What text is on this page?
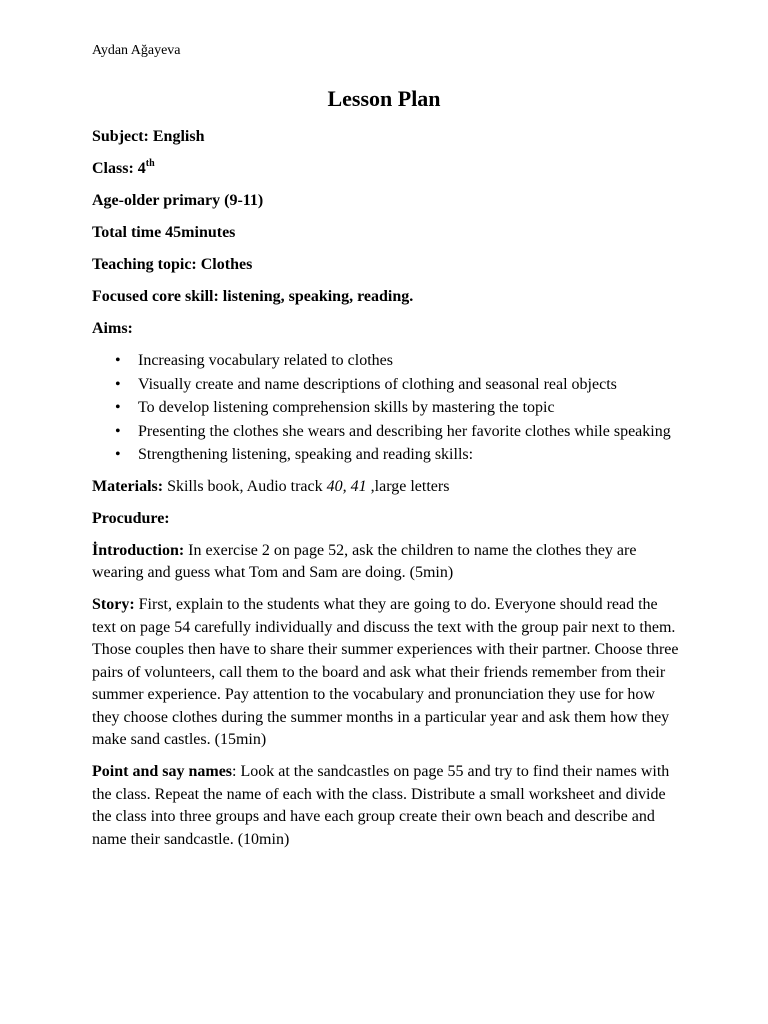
Aydan Ağayeva
Lesson Plan

Subject: English

Class: 4th

Age-older primary (9-11)

Total time 45minutes

Teaching topic: Clothes

Focused core skill: listening, speaking, reading.

Aims:

• Increasing vocabulary related to clothes
• Visually create and name descriptions of clothing and seasonal real objects
• To develop listening comprehension skills by mastering the topic
• Presenting the clothes she wears and describing her favorite clothes while speaking
• Strengthening listening, speaking and reading skills:

Materials: Skills book, Audio track 40, 41 ,large letters

Procudure:

İntroduction: In exercise 2 on page 52, ask the children to name the clothes they are wearing and guess what Tom and Sam are doing. (5min)

Story: First, explain to the students what they are going to do. Everyone should read the text on page 54 carefully individually and discuss the text with the group pair next to them. Those couples then have to share their summer experiences with their partner. Choose three pairs of volunteers, call them to the board and ask what their friends remember from their summer experience. Pay attention to the vocabulary and pronunciation they use for how they choose clothes during the summer months in a particular year and ask them how they make sand castles. (15min)

Point and say names: Look at the sandcastles on page 55 and try to find their names with the class. Repeat the name of each with the class. Distribute a small worksheet and divide the class into three groups and have each group create their own beach and describe and name their sandcastle. (10min)
